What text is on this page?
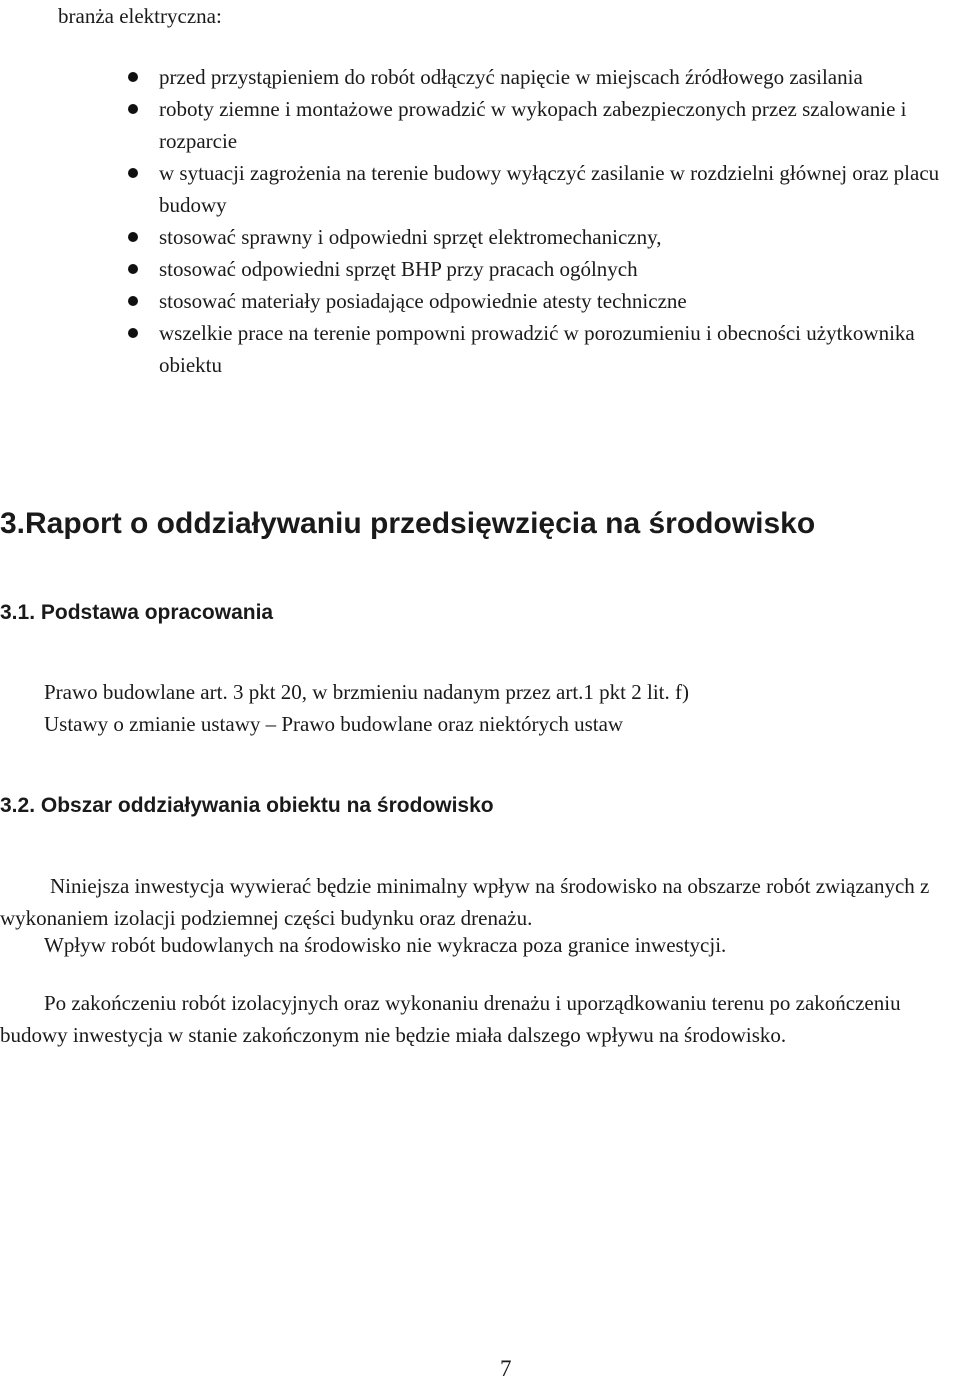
branża elektryczna:

przed przystąpieniem do robót odłączyć napięcie w miejscach źródłowego zasilania
roboty ziemne i montażowe prowadzić w wykopach zabezpieczonych przez szalowanie i rozparcie
w sytuacji zagrożenia na terenie budowy wyłączyć zasilanie w rozdzielni głównej oraz placu budowy
stosować sprawny i odpowiedni sprzęt elektromechaniczny,
stosować odpowiedni sprzęt BHP przy pracach ogólnych
stosować materiały posiadające odpowiednie atesty techniczne
wszelkie prace na terenie pompowni prowadzić w porozumieniu i obecności użytkownika obiektu
3.Raport o oddziaływaniu przedsięwzięcia na środowisko
3.1. Podstawa opracowania
Prawo budowlane art. 3 pkt 20, w brzmieniu nadanym przez art.1 pkt 2 lit. f)
Ustawy o zmianie ustawy – Prawo budowlane oraz niektórych ustaw
3.2. Obszar oddziaływania obiektu na środowisko

Niniejsza inwestycja wywierać będzie minimalny wpływ na środowisko na obszarze robót związanych z wykonaniem izolacji podziemnej części budynku oraz drenażu.

Wpływ robót budowlanych na środowisko nie wykracza poza granice inwestycji.

Po zakończeniu robót izolacyjnych oraz wykonaniu drenażu i uporządkowaniu terenu po zakończeniu budowy inwestycja w stanie zakończonym nie będzie miała dalszego wpływu na środowisko.

7
